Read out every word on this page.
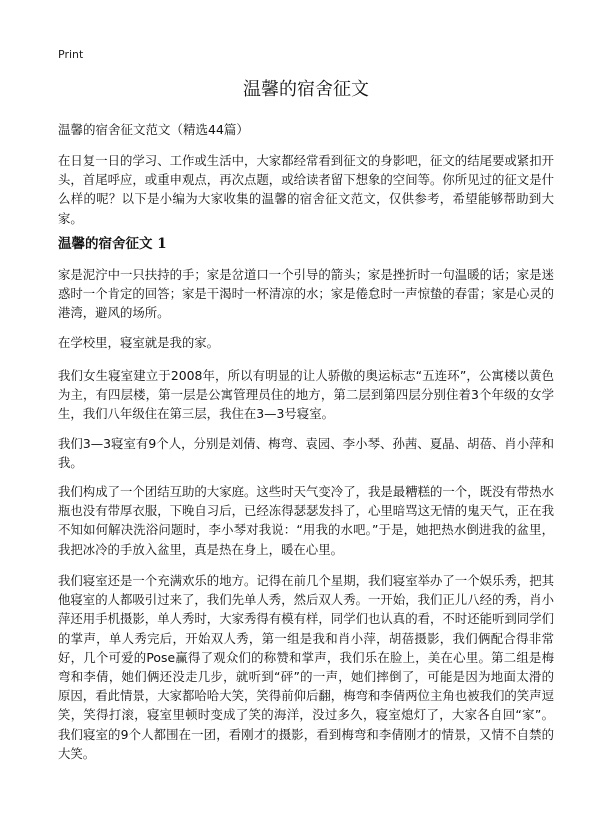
Print
温馨的宿舍征文
温馨的宿舍征文范文（精选44篇）

在日复一日的学习、工作或生活中，大家都经常看到征文的身影吧，征文的结尾要或紧扣开头，首尾呼应，或重申观点，再次点题，或给读者留下想象的空间等。你所见过的征文是什么样的呢？以下是小编为大家收集的温馨的宿舍征文范文，仅供参考，希望能够帮助到大家。

温馨的宿舍征文 1

家是泥泞中一只扶持的手；家是岔道口一个引导的箭头；家是挫折时一句温暖的话；家是迷惑时一个肯定的回答；家是干渴时一杯清凉的水；家是倦怠时一声惊蛰的春雷；家是心灵的港湾，避风的场所。

在学校里，寝室就是我的家。

我们女生寝室建立于2008年，所以有明显的让人骄傲的奥运标志“五连环”，公寓楼以黄色为主，有四层楼，第一层是公寓管理员住的地方，第二层到第四层分别住着3个年级的女学生，我们八年级住在第三层，我住在3—3号寝室。

我们3—3寝室有9个人，分别是刘倩、梅弯、袁园、李小琴、孙茜、夏晶、胡蓓、肖小萍和我。

我们构成了一个团结互助的大家庭。这些时天气变冷了，我是最糟糕的一个，既没有带热水瓶也没有带厚衣服，下晚自习后，已经冻得瑟瑟发抖了，心里暗骂这无情的鬼天气，正在我不知如何解决洗浴问题时，李小琴对我说：“用我的水吧。”于是，她把热水倒进我的盆里，我把冰冷的手放入盆里，真是热在身上，暖在心里。

我们寝室还是一个充满欢乐的地方。记得在前几个星期，我们寝室举办了一个娱乐秀，把其他寝室的人都吸引过来了，我们先单人秀，然后双人秀。一开始，我们正儿八经的秀，肖小萍还用手机摄影，单人秀时，大家秀得有模有样，同学们也认真的看，不时还能听到同学们的掌声，单人秀完后，开始双人秀，第一组是我和肖小萍，胡蓓摄影，我们俩配合得非常好，几个可爱的Pose赢得了观众们的称赞和掌声，我们乐在脸上，美在心里。第二组是梅弯和李倩，她们俩还没走几步，就听到“砰”的一声，她们摔倒了，可能是因为地面太滑的原因，看此情景，大家都哈哈大笑，笑得前仰后翻，梅弯和李倩两位主角也被我们的笑声逗笑，笑得打滚，寝室里顿时变成了笑的海洋，没过多久，寝室熄灯了，大家各自回“家”。我们寝室的9个人都围在一团，看刚才的摄影，看到梅弯和李倩刚才的情景，又情不自禁的大笑。
